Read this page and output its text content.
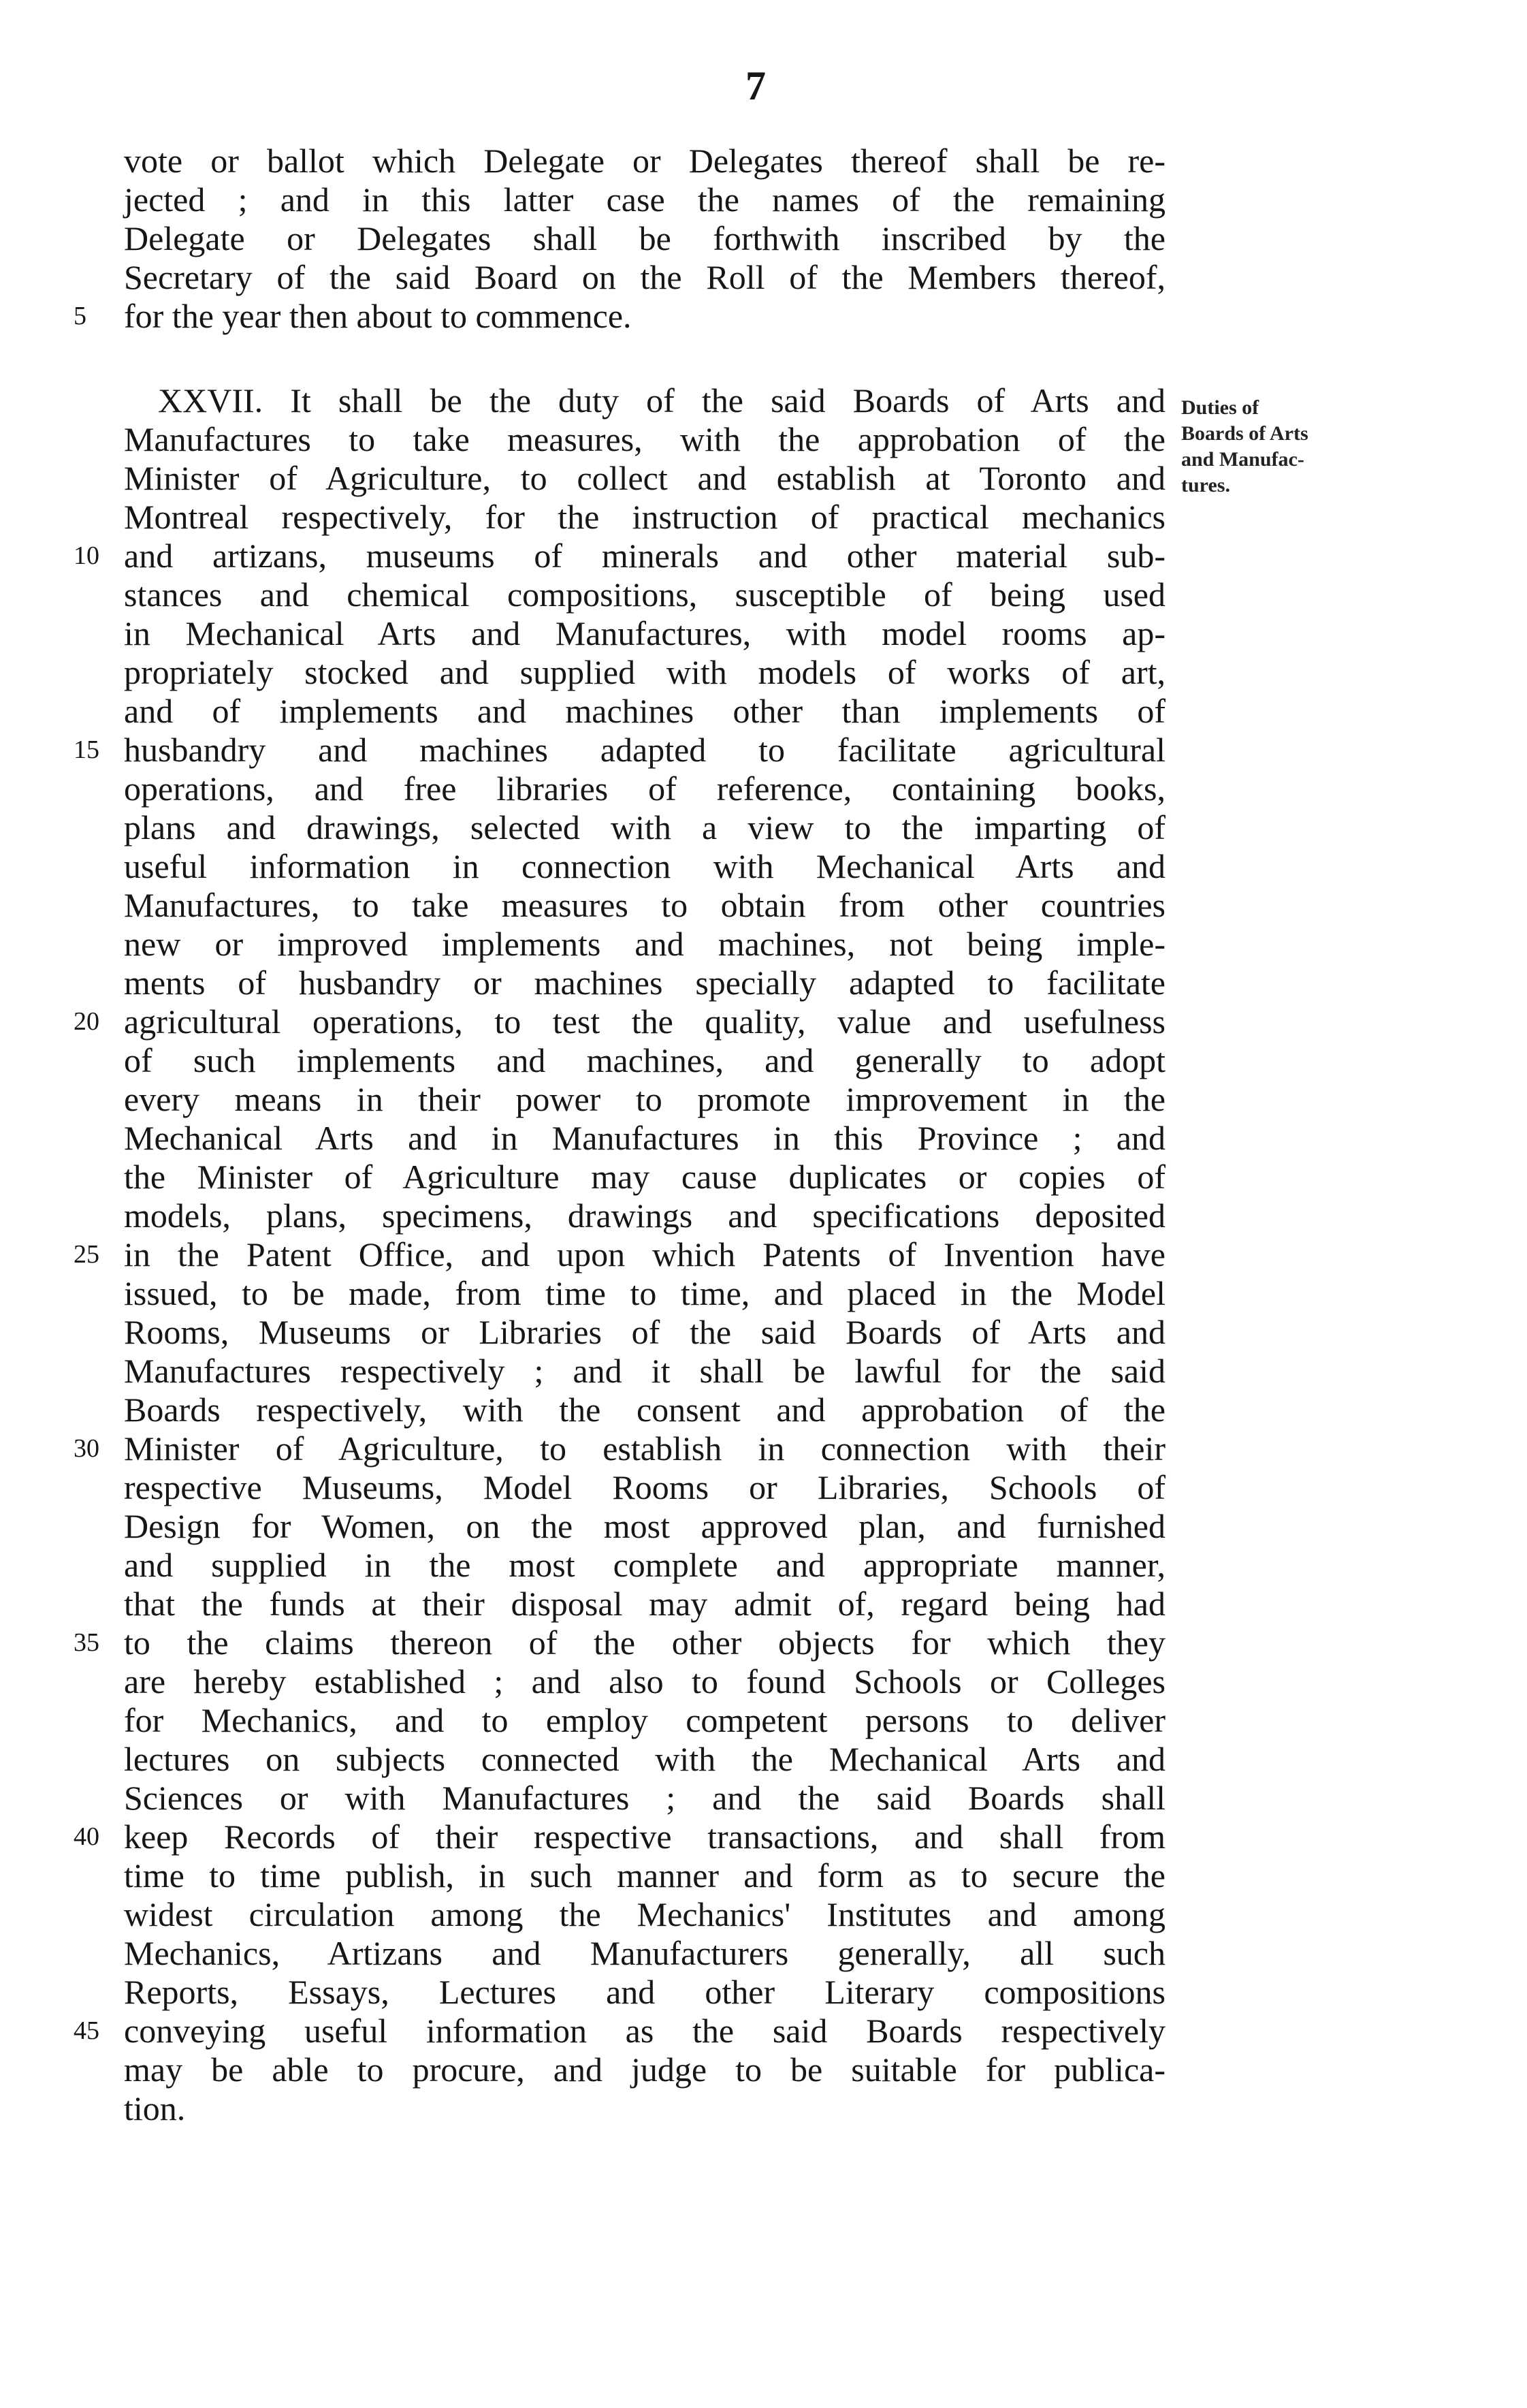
7
vote or ballot which Delegate or Delegates thereof shall be re-
jected ; and in this latter case the names of the remaining
Delegate or Delegates shall be forthwith inscribed by the
Secretary of the said Board on the Roll of the Members thereof,
5	for the year then about to commence.
XXVII. It shall be the duty of the said Boards of Arts and
Manufactures to take measures, with the approbation of the
Minister of Agriculture, to collect and establish at Toronto and
Montreal respectively, for the instruction of practical mechanics
10 and artizans, museums of minerals and other material sub-
stances and chemical compositions, susceptible of being used
in Mechanical Arts and Manufactures, with model rooms ap-
propriately stocked and supplied with models of works of art,
and of implements and machines other than implements of
15 husbandry and machines adapted to facilitate agricultural
operations, and free libraries of reference, containing books,
plans and drawings, selected with a view to the imparting of
useful information in connection with Mechanical Arts and
Manufactures, to take measures to obtain from other countries
new or improved implements and machines, not being imple-
ments of husbandry or machines specially adapted to facilitate
20 agricultural operations, to test the quality, value and usefulness
of such implements and machines, and generally to adopt
every means in their power to promote improvement in the
Mechanical Arts and in Manufactures in this Province ; and
the Minister of Agriculture may cause duplicates or copies of
models, plans, specimens, drawings and specifications deposited
25 in the Patent Office, and upon which Patents of Invention have
issued, to be made, from time to time, and placed in the Model
Rooms, Museums or Libraries of the said Boards of Arts and
Manufactures respectively ; and it shall be lawful for the said
Boards respectively, with the consent and approbation of the
30 Minister of Agriculture, to establish in connection with their
respective Museums, Model Rooms or Libraries, Schools of
Design for Women, on the most approved plan, and furnished
and supplied in the most complete and appropriate manner,
that the funds at their disposal may admit of, regard being had
35 to the claims thereon of the other objects for which they
are hereby established ; and also to found Schools or Colleges
for Mechanics, and to employ competent persons to deliver
lectures on subjects connected with the Mechanical Arts and
Sciences or with Manufactures ; and the said Boards shall
40 keep Records of their respective transactions, and shall from
time to time publish, in such manner and form as to secure the
widest circulation among the Mechanics' Institutes and among
Mechanics, Artizans and Manufacturers generally, all such
Reports, Essays, Lectures and other Literary compositions
45 conveying useful information as the said Boards respectively
may be able to procure, and judge to be suitable for publica-
tion.
Duties of
Boards of Arts
and Manufac-
tures.
